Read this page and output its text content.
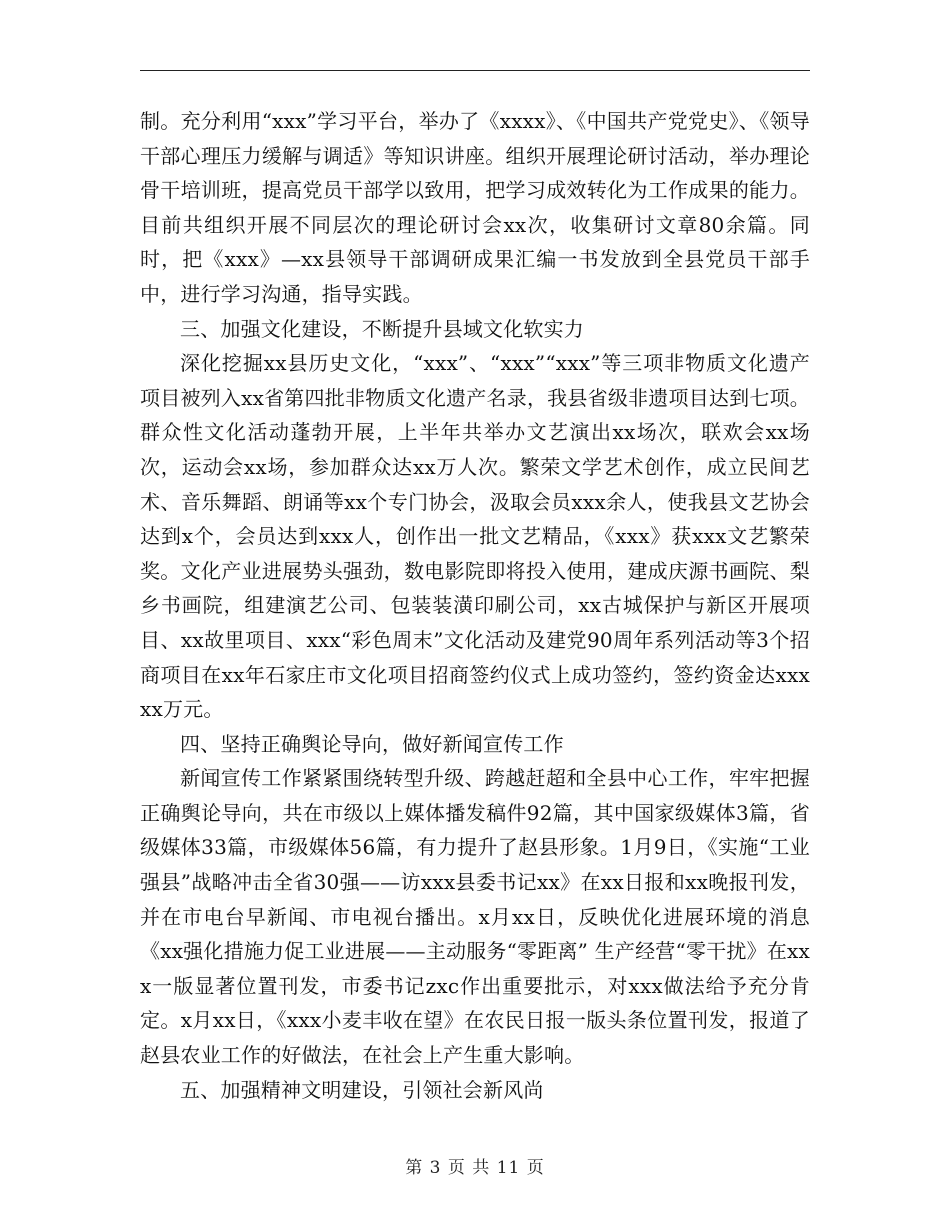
制。充分利用“xxx”学习平台，举办了《xxxx》、《中国共产党党史》、《领导干部心理压力缓解与调适》等知识讲座。组织开展理论研讨活动，举办理论骨干培训班，提高党员干部学以致用，把学习成效转化为工作成果的能力。目前共组织开展不同层次的理论研讨会xx次，收集研讨文章80余篇。同时，把《xxx》—xx县领导干部调研成果汇编一书发放到全县党员干部手中，进行学习沟通，指导实践。

三、加强文化建设，不断提升县域文化软实力

深化挖掘xx县历史文化，“xxx”、“xxx”“xxx”等三项非物质文化遗产项目被列入xx省第四批非物质文化遗产名录，我县省级非遗项目达到七项。群众性文化活动蓬勃开展，上半年共举办文艺演出xx场次，联欢会xx场次，运动会xx场，参加群众达xx万人次。繁荣文学艺术创作，成立民间艺术、音乐舞蹈、朗诵等xx个专门协会，汲取会员xxx余人，使我县文艺协会达到x个，会员达到xxx人，创作出一批文艺精品，《xxx》获xxx文艺繁荣奖。文化产业进展势头强劲，数电影院即将投入使用，建成庆源书画院、梨乡书画院，组建演艺公司、包装装潢印刷公司，xx古城保护与新区开展项目、xx故里项目、xxx“彩色周末”文化活动及建党90周年系列活动等3个招商项目在xx年石家庄市文化项目招商签约仪式上成功签约，签约资金达xxxxx万元。

四、坚持正确舆论导向，做好新闻宣传工作

新闻宣传工作紧紧围绕转型升级、跨越赶超和全县中心工作，牢牢把握正确舆论导向，共在市级以上媒体播发稿件92篇，其中国家级媒体3篇，省级媒体33篇，市级媒体56篇，有力提升了赵县形象。1月9日，《实施“工业强县”战略冲击全省30强——访xxx县委书记xx》在xx日报和xx晚报刊发，并在市电台早新闻、市电视台播出。x月xx日，反映优化进展环境的消息《xx强化措施力促工业进展——主动服务“零距离” 生产经营“零干扰》在xxx一版显著位置刊发，市委书记zxc作出重要批示，对xxx做法给予充分肯定。x月xx日，《xxx小麦丰收在望》在农民日报一版头条位置刊发，报道了赵县农业工作的好做法，在社会上产生重大影响。

五、加强精神文明建设，引领社会新风尚

第 3 页 共 11 页
